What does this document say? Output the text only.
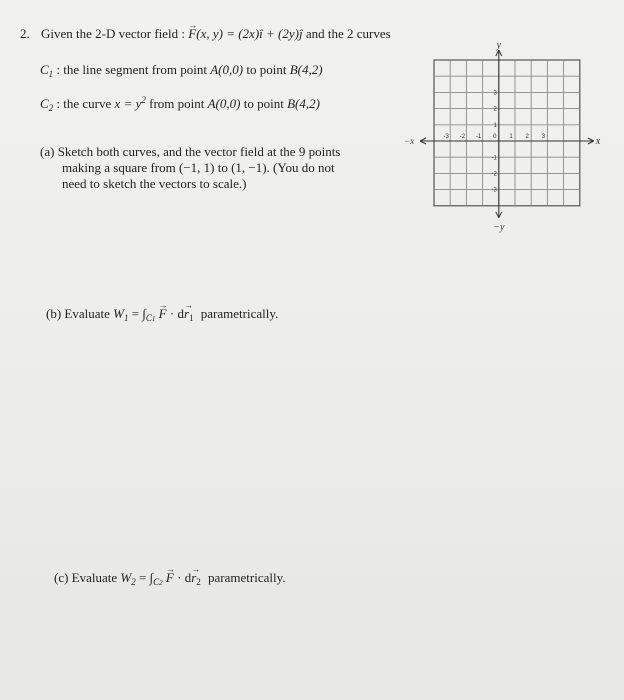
2. Given the 2-D vector field : → F(x, y) = (2x)î + (2y)ĵ and the 2 curves
$C_1$ : the line segment from point A(0,0) to point B(4,2)
$C_2$ : the curve $x = y^2$ from point A(0,0) to point B(4,2)
(a) Sketch both curves, and the vector field at the 9 points
making a square from (−1, 1) to (1, −1). (You do not
need to sketch the vectors to scale.)
(b) Evaluate $W_1 = \int_{C1} \to F \cdot d\to r_1$ parametrically.
(c) Evaluate $W_2 = \int_{C2} \to F \cdot d\to r_2$ parametrically.
-3 -2 -1 0 1 2 3
3
2
1
-1
-2
-3
y
−y
x
−x
